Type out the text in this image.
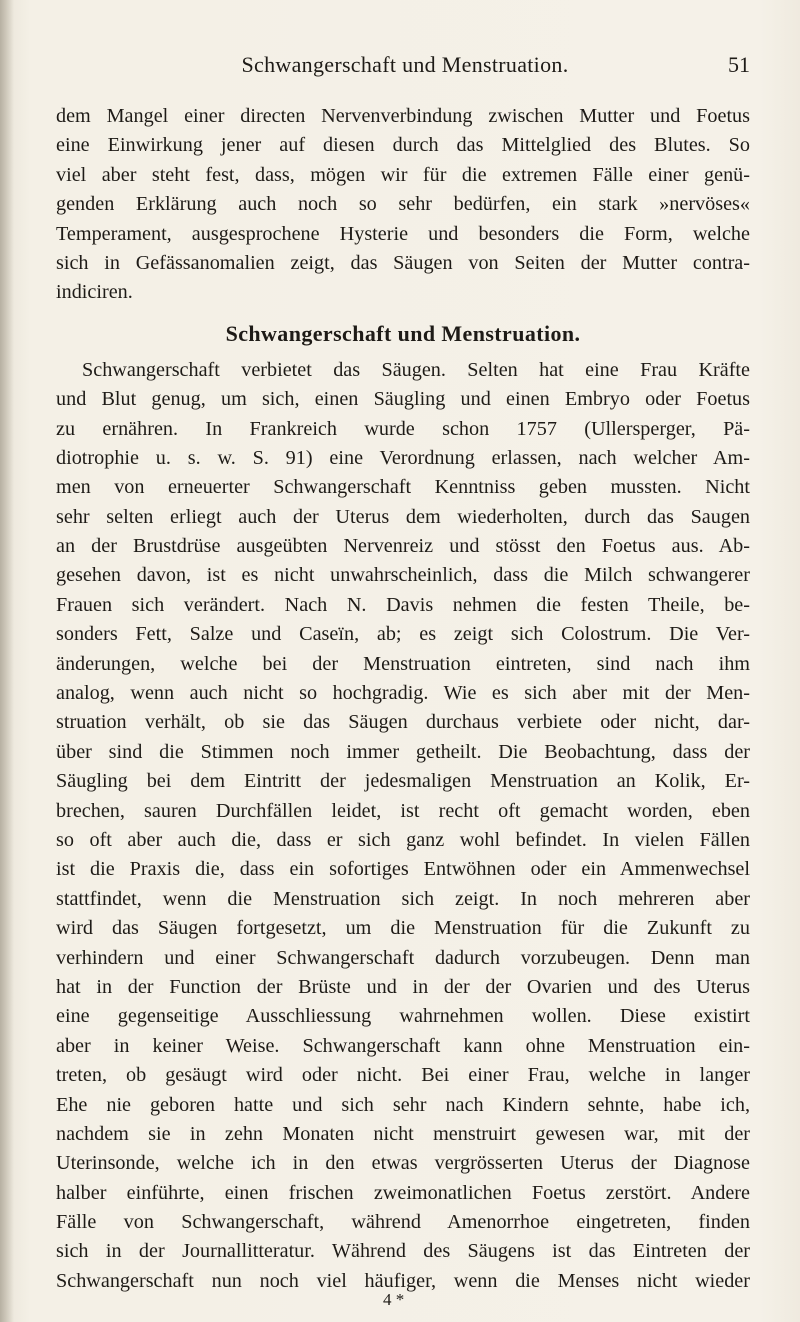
Schwangerschaft und Menstruation.	51
dem Mangel einer directen Nervenverbindung zwischen Mutter und Foetus
eine Einwirkung jener auf diesen durch das Mittelglied des Blutes. So
viel aber steht fest, dass, mögen wir für die extremen Fälle einer genü-
genden Erklärung auch noch so sehr bedürfen, ein stark »nervöses«
Temperament, ausgesprochene Hysterie und besonders die Form, welche
sich in Gefässanomalien zeigt, das Säugen von Seiten der Mutter contra-
indiciren.
Schwangerschaft und Menstruation.
Schwangerschaft verbietet das Säugen. Selten hat eine Frau Kräfte
und Blut genug, um sich, einen Säugling und einen Embryo oder Foetus
zu ernähren. In Frankreich wurde schon 1757 (Ullersperger, Pä-
diotrophie u. s. w. S. 91) eine Verordnung erlassen, nach welcher Am-
men von erneuerter Schwangerschaft Kenntniss geben mussten. Nicht
sehr selten erliegt auch der Uterus dem wiederholten, durch das Saugen
an der Brustdrüse ausgeübten Nervenreiz und stösst den Foetus aus. Ab-
gesehen davon, ist es nicht unwahrscheinlich, dass die Milch schwangerer
Frauen sich verändert. Nach N. Davis nehmen die festen Theile, be-
sonders Fett, Salze und Caseïn, ab; es zeigt sich Colostrum. Die Ver-
änderungen, welche bei der Menstruation eintreten, sind nach ihm
analog, wenn auch nicht so hochgradig. Wie es sich aber mit der Men-
struation verhält, ob sie das Säugen durchaus verbiete oder nicht, dar-
über sind die Stimmen noch immer getheilt. Die Beobachtung, dass der
Säugling bei dem Eintritt der jedesmaligen Menstruation an Kolik, Er-
brechen, sauren Durchfällen leidet, ist recht oft gemacht worden, eben
so oft aber auch die, dass er sich ganz wohl befindet. In vielen Fällen
ist die Praxis die, dass ein sofortiges Entwöhnen oder ein Ammenwechsel
stattfindet, wenn die Menstruation sich zeigt. In noch mehreren aber
wird das Säugen fortgesetzt, um die Menstruation für die Zukunft zu
verhindern und einer Schwangerschaft dadurch vorzubeugen. Denn man
hat in der Function der Brüste und in der der Ovarien und des Uterus
eine gegenseitige Ausschliessung wahrnehmen wollen. Diese existirt
aber in keiner Weise. Schwangerschaft kann ohne Menstruation ein-
treten, ob gesäugt wird oder nicht. Bei einer Frau, welche in langer
Ehe nie geboren hatte und sich sehr nach Kindern sehnte, habe ich,
nachdem sie in zehn Monaten nicht menstruirt gewesen war, mit der
Uterinsonde, welche ich in den etwas vergrösserten Uterus der Diagnose
halber einführte, einen frischen zweimonatlichen Foetus zerstört. Andere
Fälle von Schwangerschaft, während Amenorrhoe eingetreten, finden
sich in der Journallitteratur. Während des Säugens ist das Eintreten der
Schwangerschaft nun noch viel häufiger, wenn die Menses nicht wieder
4 *
